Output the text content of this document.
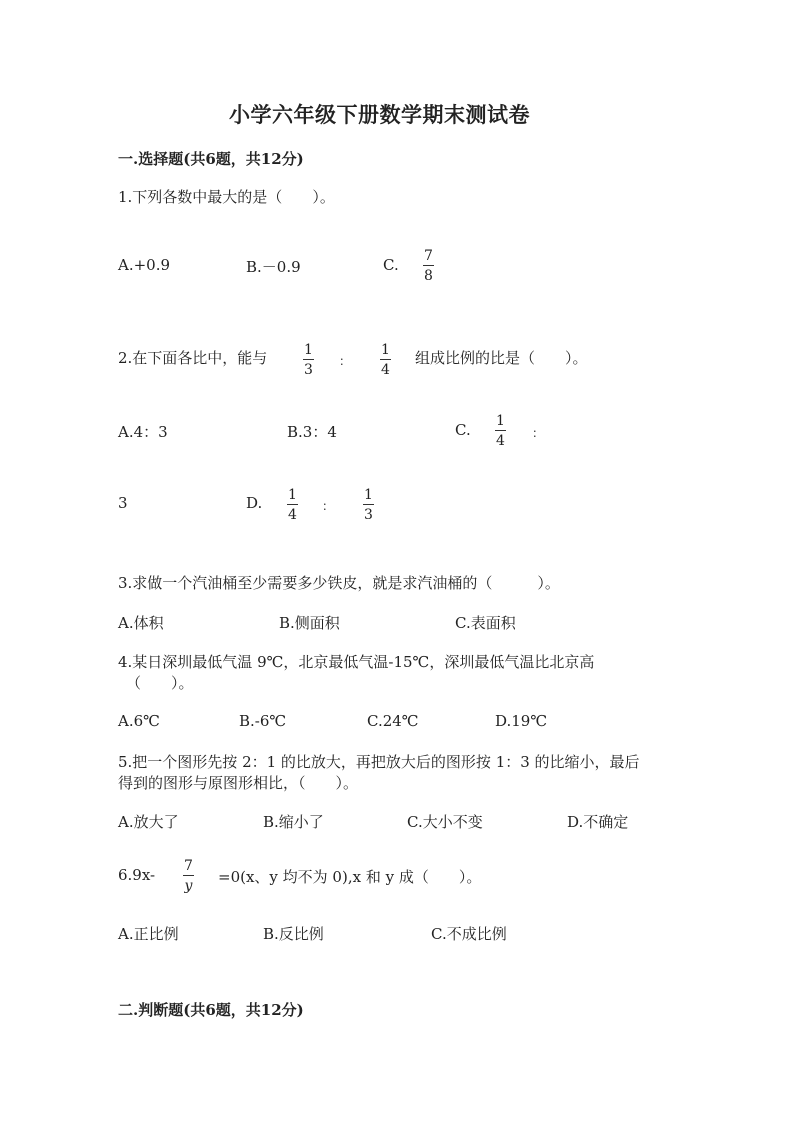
小学六年级下册数学期末测试卷
一.选择题(共6题，共12分)
1.下列各数中最大的是（　　）。
A.+0.9	B.－0.9	C. $\frac{7}{8}$
2.在下面各比中，能与	$\frac{1}{3}$ ： $\frac{1}{4}$ 组成比例的比是（　　）。
A.4：3	B.3：4	C. $\frac{1}{4}$ ：
3	D. $\frac{1}{4}$ ： $\frac{1}{3}$
3.求做一个汽油桶至少需要多少铁皮，就是求汽油桶的（　　　）。
A.体积	B.侧面积	C.表面积
4.某日深圳最低气温 9℃，北京最低气温-15℃，深圳最低气温比北京高
（　　）。
A.6℃	B.-6℃	C.24℃	D.19℃
5.把一个图形先按 2：1 的比放大，再把放大后的图形按 1：3 的比缩小，最后
得到的图形与原图形相比，（　　）。
A.放大了	B.缩小了	C.大小不变	D.不确定
$6.9x- \frac{7}{y} =0(x$、y 均不为 0),x 和 y 成（　　）。
A.正比例	B.反比例	C.不成比例
二.判断题(共6题，共12分)
